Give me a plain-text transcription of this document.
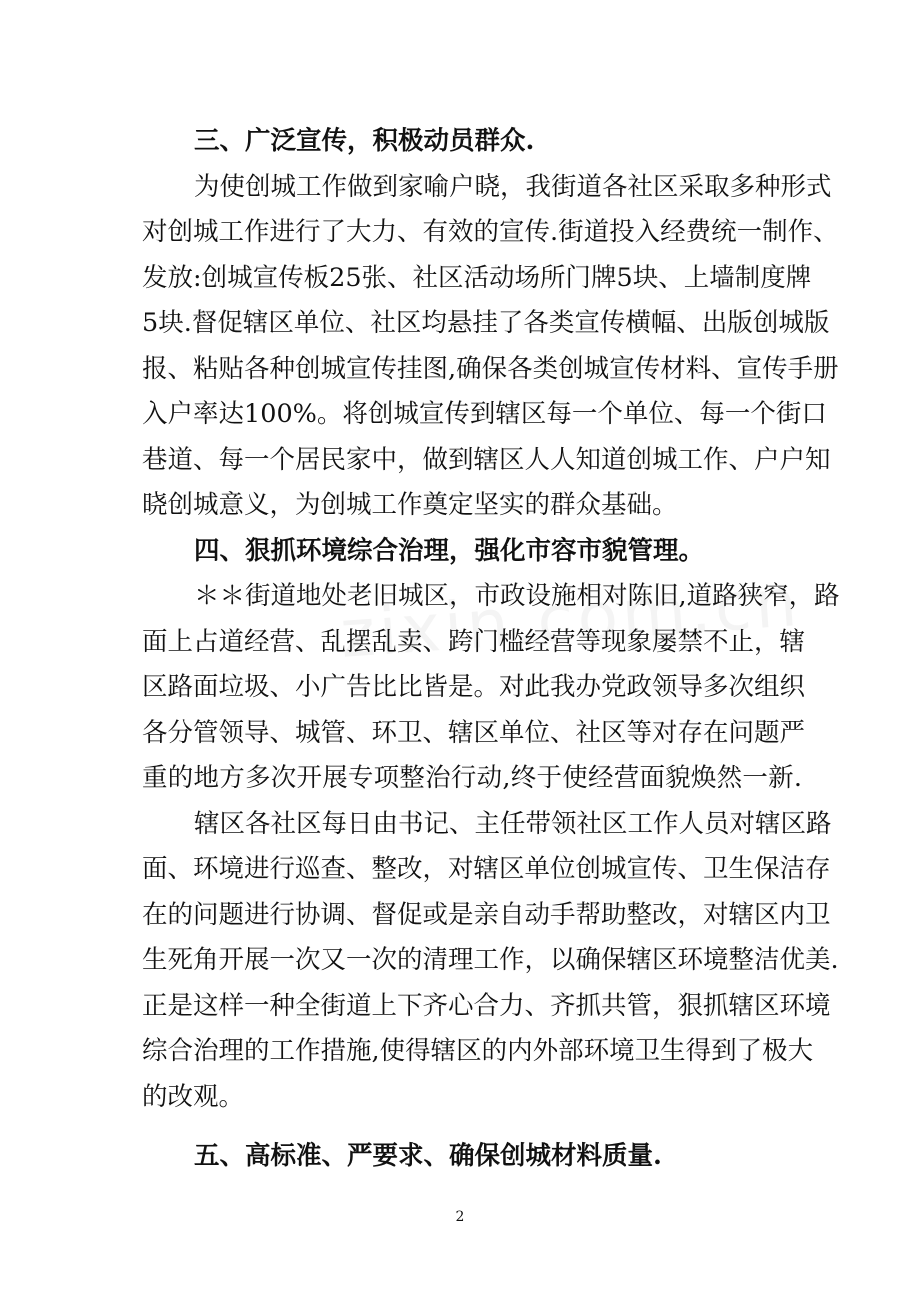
三、广泛宣传，积极动员群众.
为使创城工作做到家喻户晓，我街道各社区采取多种形式
对创城工作进行了大力、有效的宣传.街道投入经费统一制作、
发放:创城宣传板25张、社区活动场所门牌5块、上墙制度牌
5块.督促辖区单位、社区均悬挂了各类宣传横幅、出版创城版
报、粘贴各种创城宣传挂图,确保各类创城宣传材料、宣传手册
入户率达100%。将创城宣传到辖区每一个单位、每一个街口
巷道、每一个居民家中，做到辖区人人知道创城工作、户户知
晓创城意义，为创城工作奠定坚实的群众基础。
四、狠抓环境综合治理，强化市容市貌管理。
＊＊街道地处老旧城区，市政设施相对陈旧,道路狭窄，路
面上占道经营、乱摆乱卖、跨门槛经营等现象屡禁不止，辖
区路面垃圾、小广告比比皆是。对此我办党政领导多次组织
各分管领导、城管、环卫、辖区单位、社区等对存在问题严
重的地方多次开展专项整治行动,终于使经营面貌焕然一新.
辖区各社区每日由书记、主任带领社区工作人员对辖区路
面、环境进行巡查、整改，对辖区单位创城宣传、卫生保洁存
在的问题进行协调、督促或是亲自动手帮助整改，对辖区内卫
生死角开展一次又一次的清理工作，以确保辖区环境整洁优美.
正是这样一种全街道上下齐心合力、齐抓共管，狠抓辖区环境
综合治理的工作措施,使得辖区的内外部环境卫生得到了极大
的改观。
五、高标准、严要求、确保创城材料质量.
2
